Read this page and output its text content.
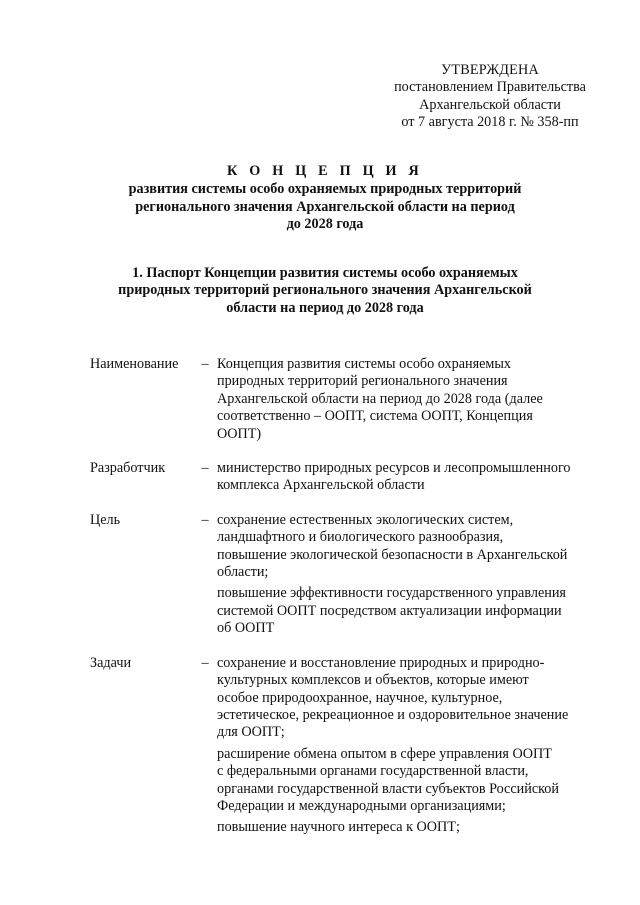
УТВЕРЖДЕНА
постановлением Правительства
Архангельской области
от 7 августа 2018 г. № 358-пп
К О Н Ц Е П Ц И Я
развития системы особо охраняемых природных территорий
регионального значения Архангельской области на период
до 2028 года
1. Паспорт Концепции развития системы особо охраняемых
природных территорий регионального значения Архангельской
области на период до 2028 года
Наименование	– Концепция развития системы особо охраняемых
природных территорий регионального значения
Архангельской области на период до 2028 года (далее
соответственно – ООПТ, система ООПТ, Концепция
ООПТ)
Разработчик	– министерство природных ресурсов и лесопромышленного
комплекса Архангельской области
Цель	– сохранение естественных экологических систем,
ландшафтного и биологического разнообразия,
повышение экологической безопасности в Архангельской
области;
повышение эффективности государственного управления
системой ООПТ посредством актуализации информации
об ООПТ
Задачи	– сохранение и восстановление природных и природно-
культурных комплексов и объектов, которые имеют
особое природоохранное, научное, культурное,
эстетическое, рекреационное и оздоровительное значение
для ООПТ;
расширение обмена опытом в сфере управления ООПТ
с федеральными органами государственной власти,
органами государственной власти субъектов Российской
Федерации и международными организациями;
повышение научного интереса к ООПТ;
